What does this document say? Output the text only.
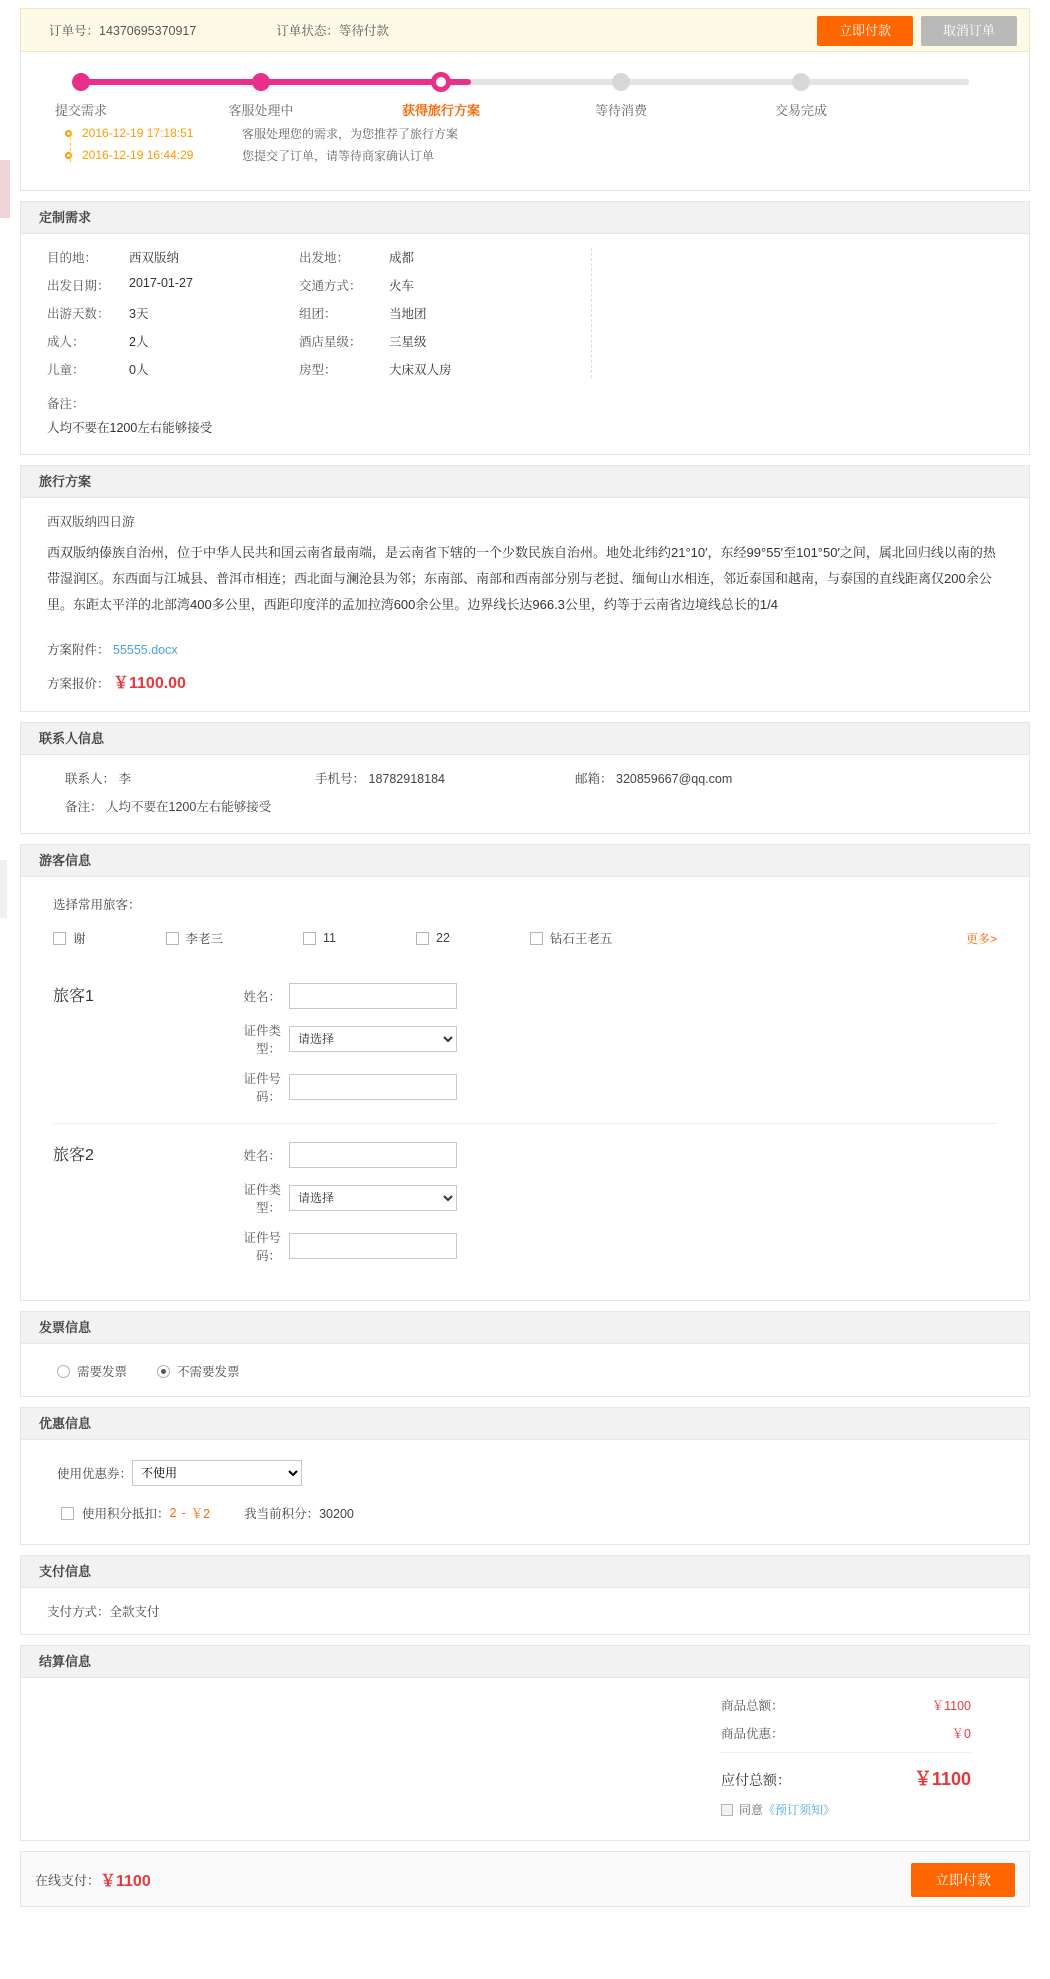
订单号：14370695370917	订单状态：等待付款	立即付款	取消订单
提交需求	客服处理中	获得旅行方案	等待消费	交易完成
2016-12-19 17:18:51	客服处理您的需求，为您推荐了旅行方案
2016-12-19 16:44:29	您提交了订单，请等待商家确认订单
定制需求
目的地：	西双版纳	出发地：	成都
出发日期：	2017-01-27	交通方式：	火车
出游天数：	3天	组团：	当地团
成人：	2人	酒店星级：	三星级
儿童：	0人	房型：	大床双人房
备注：
人均不要在1200左右能够接受
旅行方案
西双版纳四日游
西双版纳傣族自治州，位于中华人民共和国云南省最南端，是云南省下辖的一个少数民族自治州。地处北纬约21°10′，东经99°55′至101°50′之间，属北回归线以南的热带湿润区。东西面与江城县、普洱市相连；西北面与澜沧县为邻；东南部、南部和西南部分别与老挝、缅甸山水相连，邻近泰国和越南，与泰国的直线距离仅200余公里。东距太平洋的北部湾400多公里，西距印度洋的孟加拉湾600余公里。边界线长达966.3公里，约等于云南省边境线总长的1/4
方案附件： 55555.docx
方案报价： ￥1100.00
联系人信息
联系人： 李	手机号： 18782918184	邮箱： 320859667@qq.com
备注： 人均不要在1200左右能够接受
游客信息
选择常用旅客：
谢	李老三	11	22	钻石王老五	更多>
旅客1	姓名：
证件类型：
请选择
证件号码：
旅客2	姓名：
证件类型：
请选择
证件号码：
发票信息
需要发票	不需要发票
优惠信息
使用优惠券：
不使用
使用积分抵扣： 2 - ￥2	我当前积分：30200
支付信息
支付方式：全款支付
结算信息
商品总额：	￥1100
商品优惠：	￥0
应付总额：	￥1100
同意 《预订须知》
在线支付： ￥1100	立即付款
